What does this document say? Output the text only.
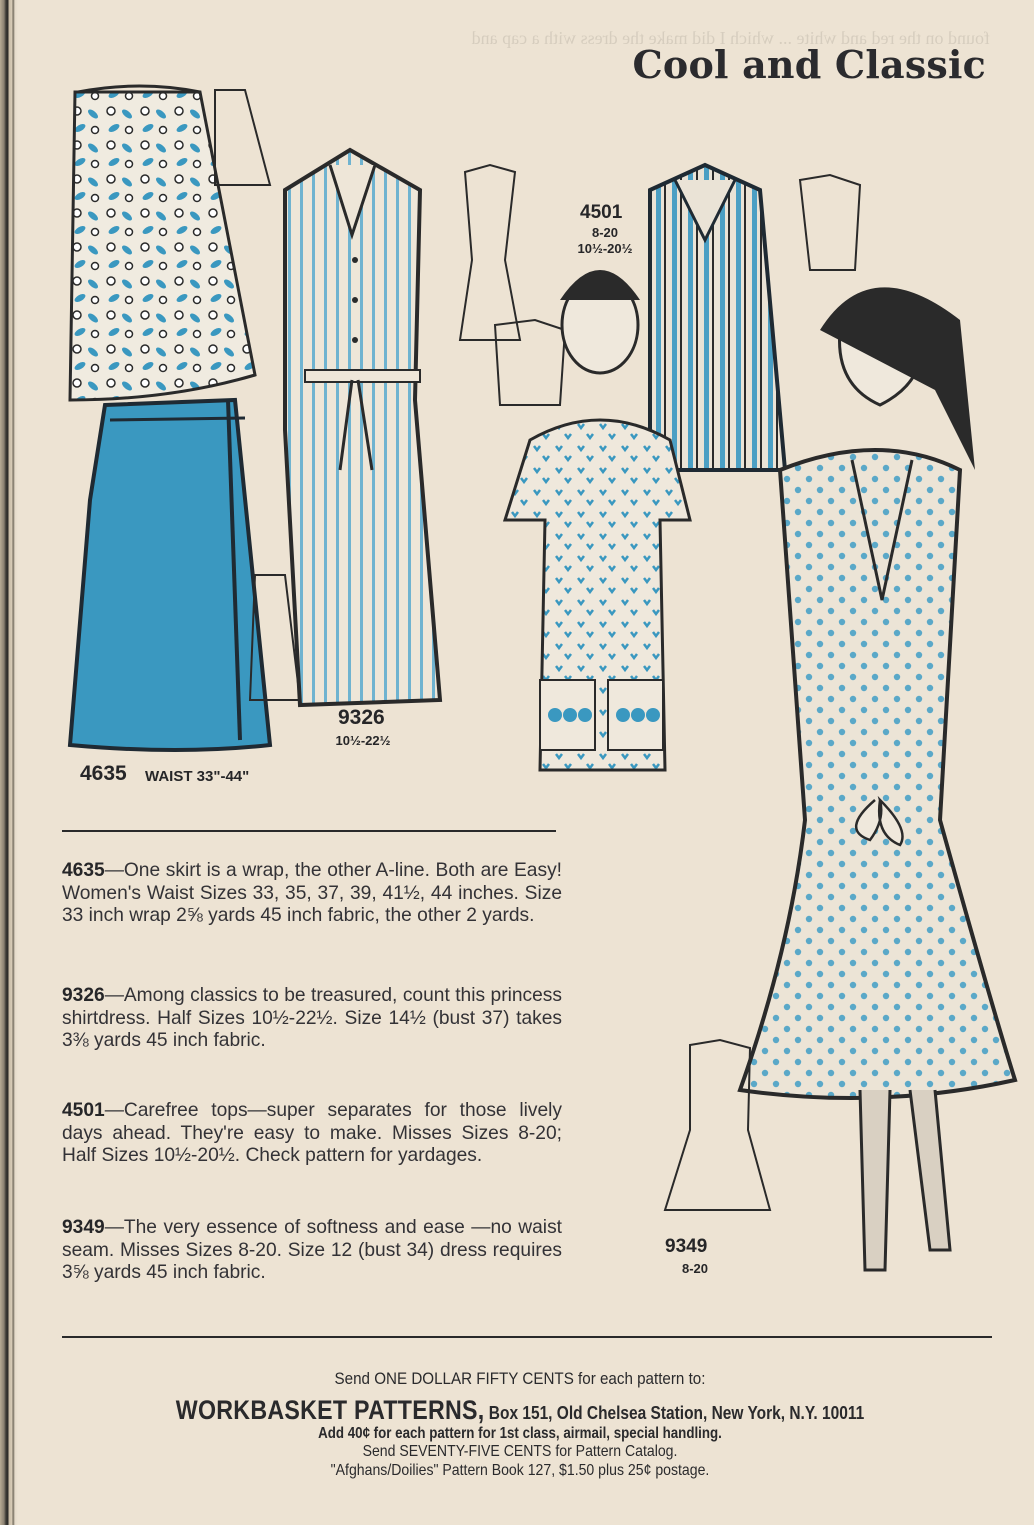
found on the red and white ... which I did make the dress with a cap and
Cool and Classic
4635 WAIST 33"-44"
9326
10½-22½
4501
8-20
10½-20½
9349
8-20
4635—One skirt is a wrap, the other A-line. Both are Easy! Women's Waist Sizes 33, 35, 37, 39, 41½, 44 inches. Size 33 inch wrap 2⅝ yards 45 inch fabric, the other 2 yards.
9326—Among classics to be treasured, count this princess shirtdress. Half Sizes 10½-22½. Size 14½ (bust 37) takes 3⅜ yards 45 inch fabric.
4501—Carefree tops—super separates for those lively days ahead. They're easy to make. Misses Sizes 8-20; Half Sizes 10½-20½. Check pattern for yardages.
9349—The very essence of softness and ease —no waist seam. Misses Sizes 8-20. Size 12 (bust 34) dress requires 3⅝ yards 45 inch fabric.
Send ONE DOLLAR FIFTY CENTS for each pattern to:
WORKBASKET PATTERNS, Box 151, Old Chelsea Station, New York, N.Y. 10011
Add 40¢ for each pattern for 1st class, airmail, special handling.
Send SEVENTY-FIVE CENTS for Pattern Catalog.
"Afghans/Doilies" Pattern Book 127, $1.50 plus 25¢ postage.
